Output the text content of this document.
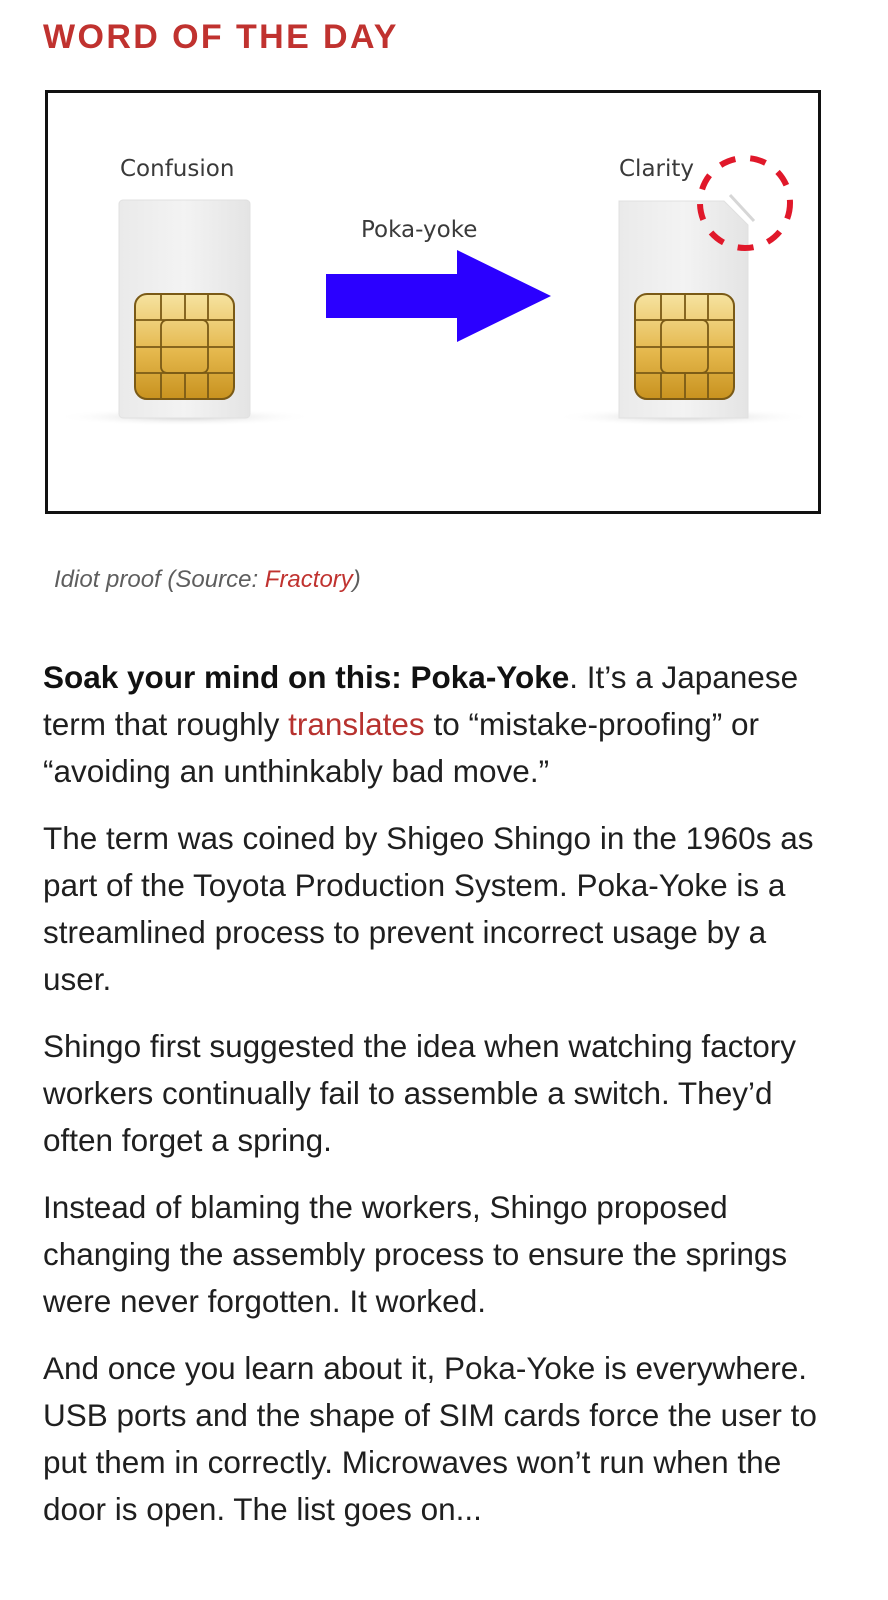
WORD OF THE DAY
Confusion
Poka-yoke
Clarity
Idiot proof (Source: Fractory)

Soak your mind on this: Poka-Yoke. It’s a Japanese term that roughly translates to “mistake-proofing” or “avoiding an unthinkably bad move.”

The term was coined by Shigeo Shingo in the 1960s as part of the Toyota Production System. Poka-Yoke is a streamlined process to prevent incorrect usage by a user.

Shingo first suggested the idea when watching factory workers continually fail to assemble a switch. They’d often forget a spring.

Instead of blaming the workers, Shingo proposed changing the assembly process to ensure the springs were never forgotten. It worked.

And once you learn about it, Poka-Yoke is everywhere. USB ports and the shape of SIM cards force the user to put them in correctly. Microwaves won’t run when the door is open. The list goes on...
